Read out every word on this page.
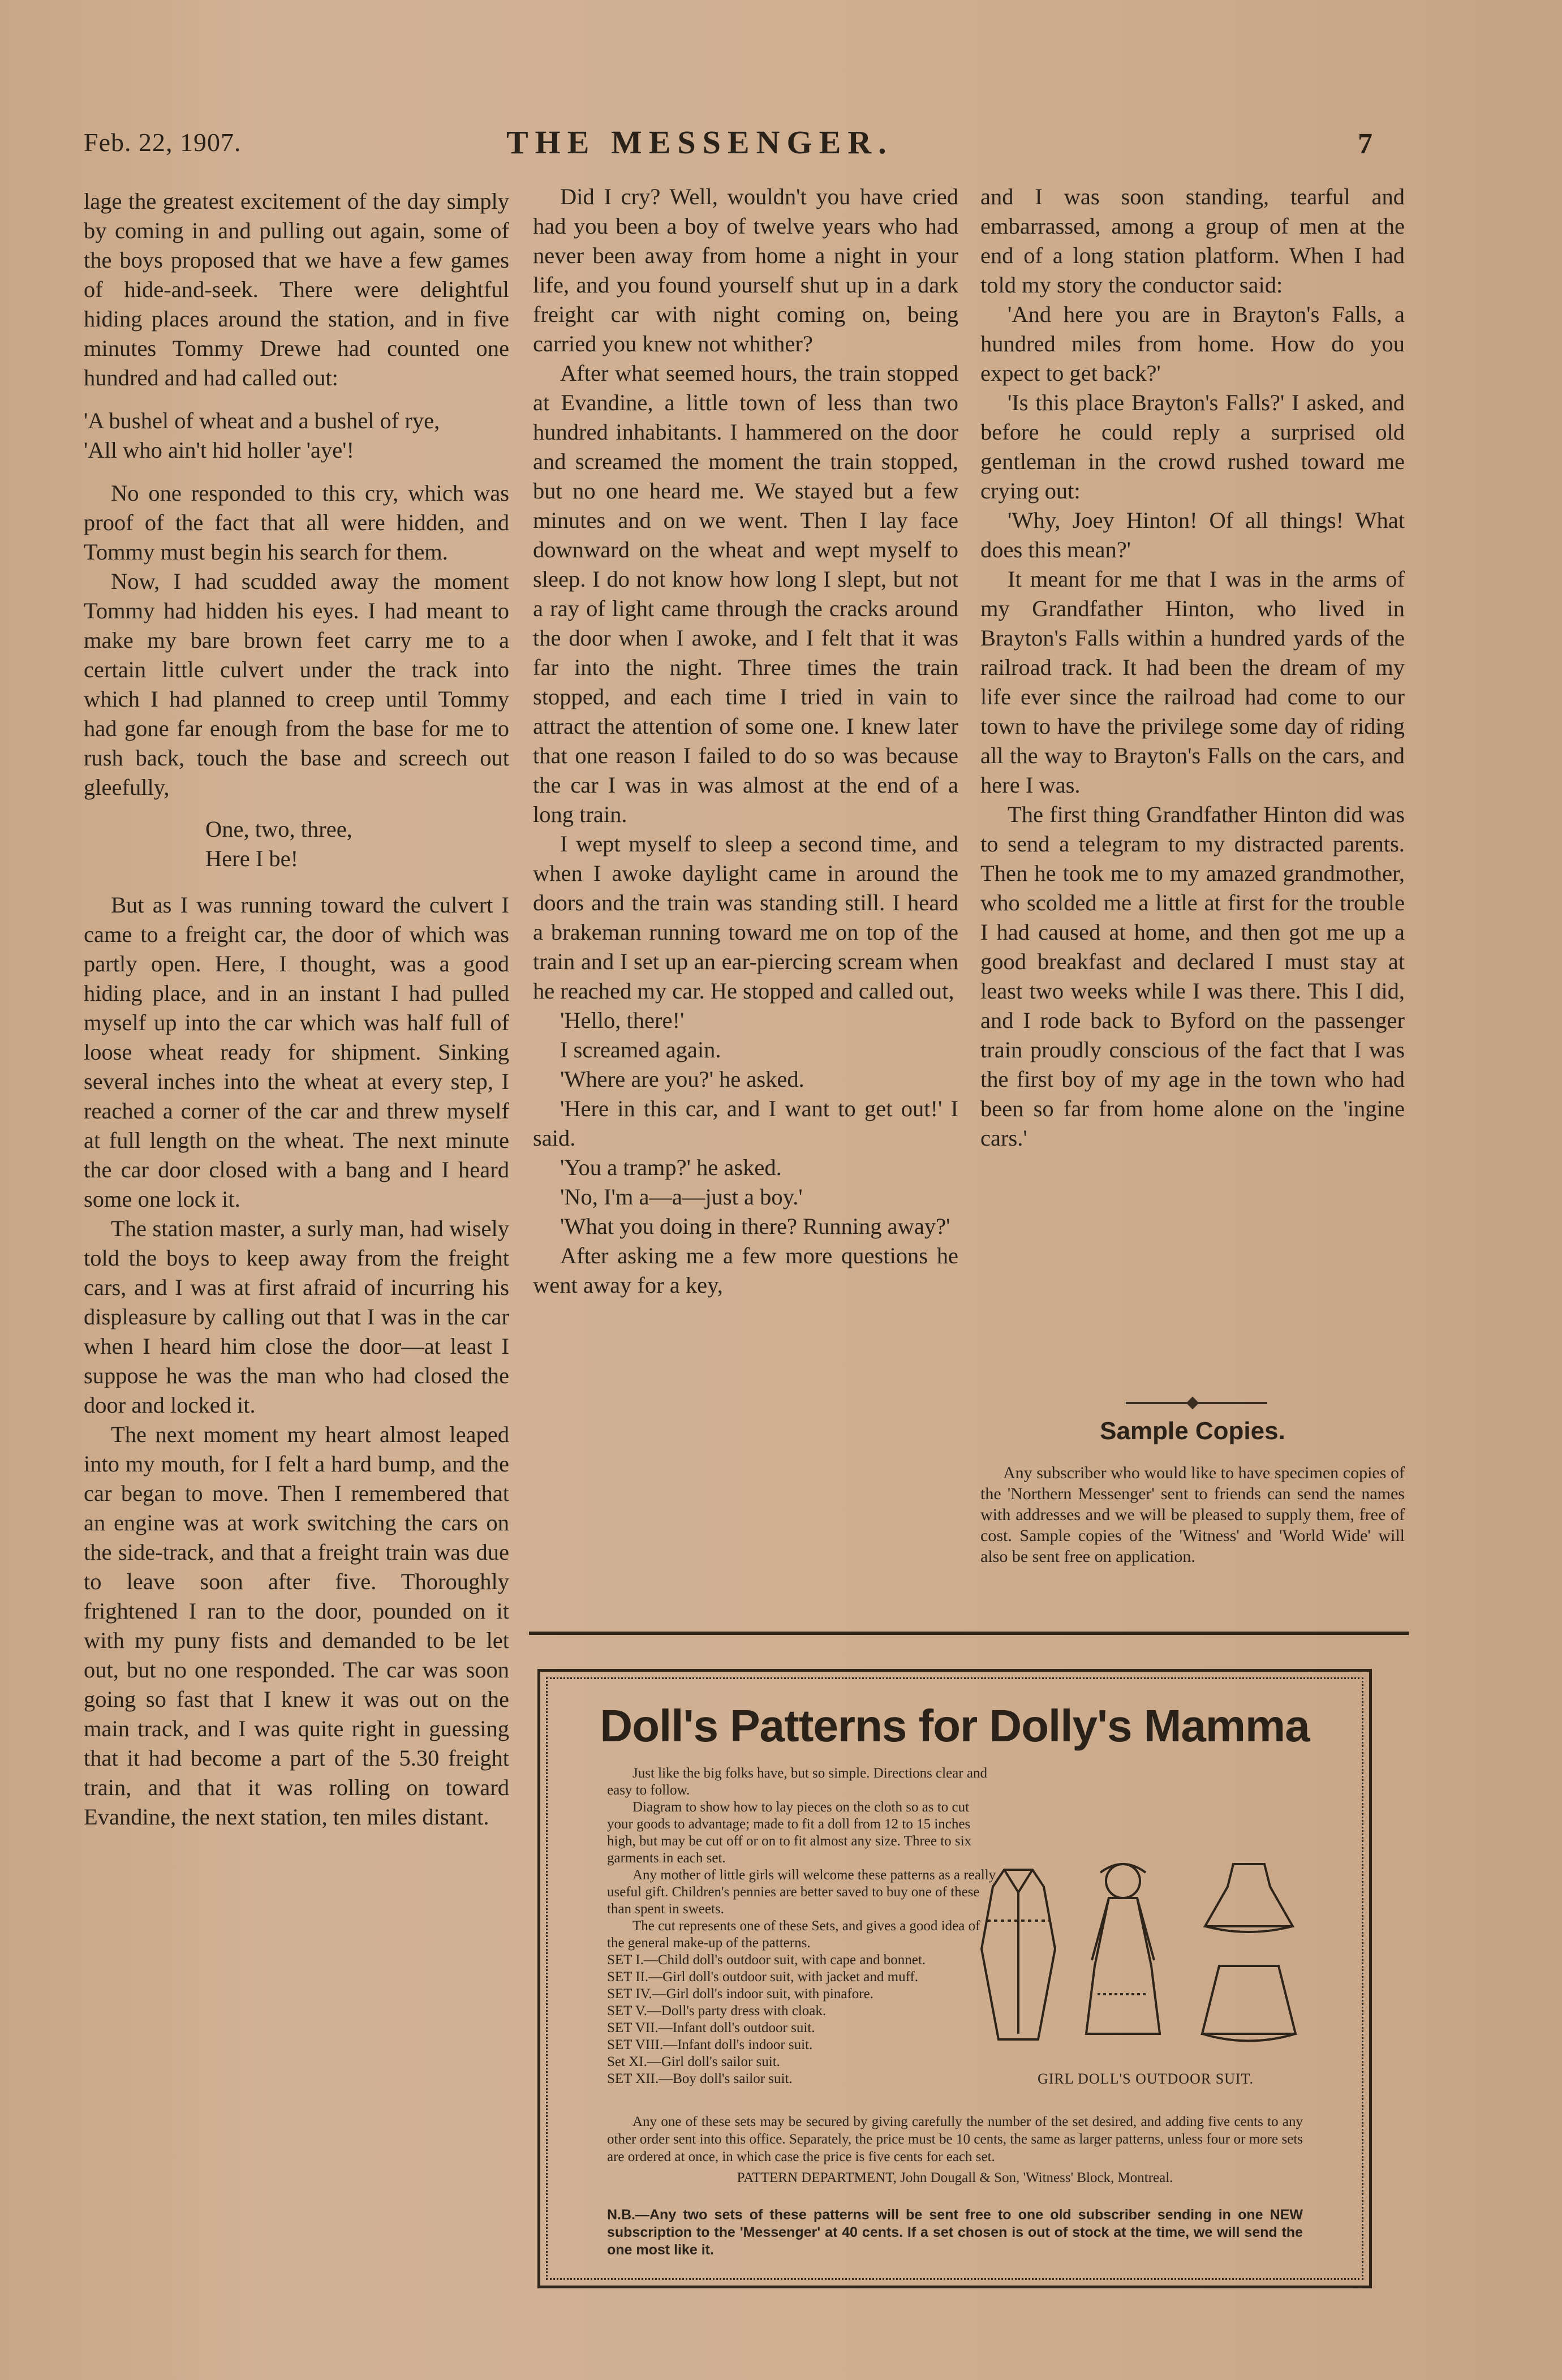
Feb. 22, 1907.	THE MESSENGER.	7

lage the greatest excitement of the day simply by coming in and pulling out again, some of the boys proposed that we have a few games of hide-and-seek. There were delightful hiding places around the station, and in five minutes Tommy Drewe had counted one hundred and had called out:

'A bushel of wheat and a bushel of rye,
'All who ain't hid holler 'aye'!

No one responded to this cry, which was proof of the fact that all were hidden, and Tommy must begin his search for them.

Now, I had scudded away the moment Tommy had hidden his eyes. I had meant to make my bare brown feet carry me to a certain little culvert under the track into which I had planned to creep until Tommy had gone far enough from the base for me to rush back, touch the base and screech out gleefully,

One, two, three,
Here I be!

But as I was running toward the culvert I came to a freight car, the door of which was partly open. Here, I thought, was a good hiding place, and in an instant I had pulled myself up into the car which was half full of loose wheat ready for shipment. Sinking several inches into the wheat at every step, I reached a corner of the car and threw myself at full length on the wheat. The next minute the car door closed with a bang and I heard some one lock it.

The station master, a surly man, had wisely told the boys to keep away from the freight cars, and I was at first afraid of incurring his displeasure by calling out that I was in the car when I heard him close the door—at least I suppose he was the man who had closed the door and locked it.

The next moment my heart almost leaped into my mouth, for I felt a hard bump, and the car began to move. Then I remembered that an engine was at work switching the cars on the side-track, and that a freight train was due to leave soon after five. Thoroughly frightened I ran to the door, pounded on it with my puny fists and demanded to be let out, but no one responded. The car was soon going so fast that I knew it was out on the main track, and I was quite right in guessing that it had become a part of the 5.30 freight train, and that it was rolling on toward Evandine, the next station, ten miles distant.

Did I cry? Well, wouldn't you have cried had you been a boy of twelve years who had never been away from home a night in your life, and you found yourself shut up in a dark freight car with night coming on, being carried you knew not whither?

After what seemed hours, the train stopped at Evandine, a little town of less than two hundred inhabitants. I hammered on the door and screamed the moment the train stopped, but no one heard me. We stayed but a few minutes and on we went. Then I lay face downward on the wheat and wept myself to sleep. I do not know how long I slept, but not a ray of light came through the cracks around the door when I awoke, and I felt that it was far into the night. Three times the train stopped, and each time I tried in vain to attract the attention of some one. I knew later that one reason I failed to do so was because the car I was in was almost at the end of a long train.

I wept myself to sleep a second time, and when I awoke daylight came in around the doors and the train was standing still. I heard a brakeman running toward me on top of the train and I set up an ear-piercing scream when he reached my car. He stopped and called out,

'Hello, there!'

I screamed again.

'Where are you?' he asked.

'Here in this car, and I want to get out!' I said.

'You a tramp?' he asked.

'No, I'm a—a—just a boy.'

'What you doing in there? Running away?'

After asking me a few more questions he went away for a key,

and I was soon standing, tearful and embarrassed, among a group of men at the end of a long station platform. When I had told my story the conductor said:

'And here you are in Brayton's Falls, a hundred miles from home. How do you expect to get back?'

'Is this place Brayton's Falls?' I asked, and before he could reply a surprised old gentleman in the crowd rushed toward me crying out:

'Why, Joey Hinton! Of all things! What does this mean?'

It meant for me that I was in the arms of my Grandfather Hinton, who lived in Brayton's Falls within a hundred yards of the railroad track. It had been the dream of my life ever since the railroad had come to our town to have the privilege some day of riding all the way to Brayton's Falls on the cars, and here I was.

The first thing Grandfather Hinton did was to send a telegram to my distracted parents. Then he took me to my amazed grandmother, who scolded me a little at first for the trouble I had caused at home, and then got me up a good breakfast and declared I must stay at least two weeks while I was there. This I did, and I rode back to Byford on the passenger train proudly conscious of the fact that I was the first boy of my age in the town who had been so far from home alone on the 'ingine cars.'

Sample Copies.

Any subscriber who would like to have specimen copies of the 'Northern Messenger' sent to friends can send the names with addresses and we will be pleased to supply them, free of cost. Sample copies of the 'Witness' and 'World Wide' will also be sent free on application.

Doll's Patterns for Dolly's Mamma

Just like the big folks have, but so simple. Directions clear and easy to follow.

Diagram to show how to lay pieces on the cloth so as to cut your goods to advantage; made to fit a doll from 12 to 15 inches high, but may be cut off or on to fit almost any size. Three to six garments in each set.

Any mother of little girls will welcome these patterns as a really useful gift. Children's pennies are better saved to buy one of these than spent in sweets.

The cut represents one of these Sets, and gives a good idea of the general make-up of the patterns.

SET I.—Child doll's outdoor suit, with cape and bonnet.

SET II.—Girl doll's outdoor suit, with jacket and muff.

SET IV.—Girl doll's indoor suit, with pinafore.

SET V.—Doll's party dress with cloak.

SET VII.—Infant doll's outdoor suit.

SET VIII.—Infant doll's indoor suit.

Set XI.—Girl doll's sailor suit.

SET XII.—Boy doll's sailor suit.	GIRL DOLL'S OUTDOOR SUIT.

Any one of these sets may be secured by giving carefully the number of the set desired, and adding five cents to any other order sent into this office. Separately, the price must be 10 cents, the same as larger patterns, unless four or more sets are ordered at once, in which case the price is five cents for each set.

PATTERN DEPARTMENT, John Dougall & Son, 'Witness' Block, Montreal.

N.B.—Any two sets of these patterns will be sent free to one old subscriber sending in one NEW subscription to the 'Messenger' at 40 cents. If a set chosen is out of stock at the time, we will send the one most like it.
